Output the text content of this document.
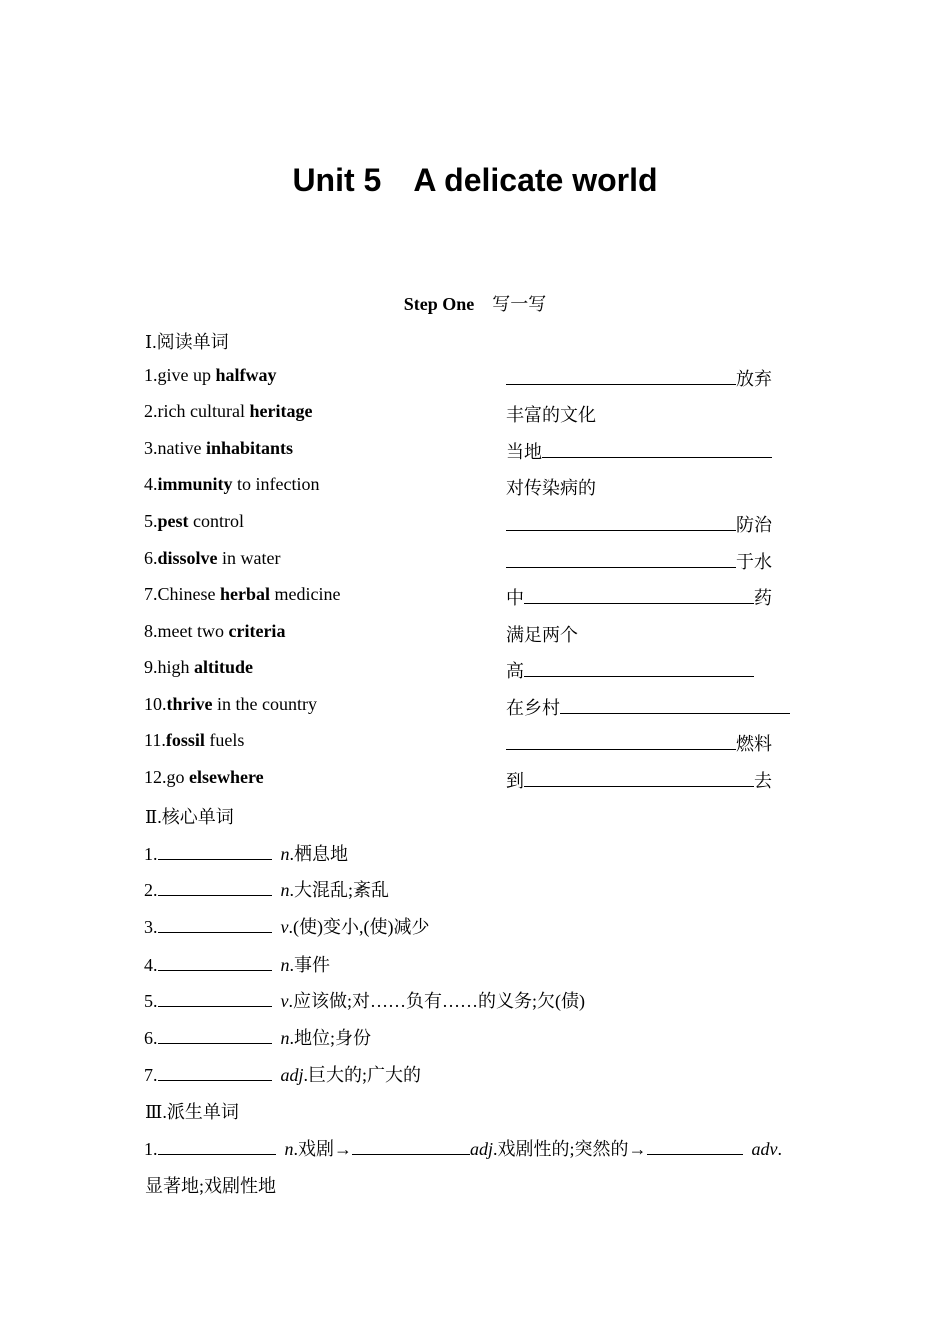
Unit 5　A delicate world
Step One　写一写
Ⅰ.阅读单词
1.give up halfway	放弃
2.rich cultural heritage	丰富的文化
3.native inhabitants	当地
4.immunity to infection	对传染病的
5.pest control	防治
6.dissolve in water	于水
7.Chinese herbal medicine	中	药
8.meet two criteria	满足两个
9.high altitude	高
10.thrive in the country	在乡村
11.fossil fuels	燃料
12.go elsewhere	到	去
Ⅱ.核心单词
1.	n.栖息地
2.	n.大混乱;紊乱
3.	v.(使)变小,(使)减少
4.	n.事件
5.	v.应该做;对……负有……的义务;欠(债)
6.	n.地位;身份
7.	adj.巨大的;广大的
Ⅲ.派生单词
1.	n.戏剧→	adj.戏剧性的;突然的→	adv.
显著地;戏剧性地
